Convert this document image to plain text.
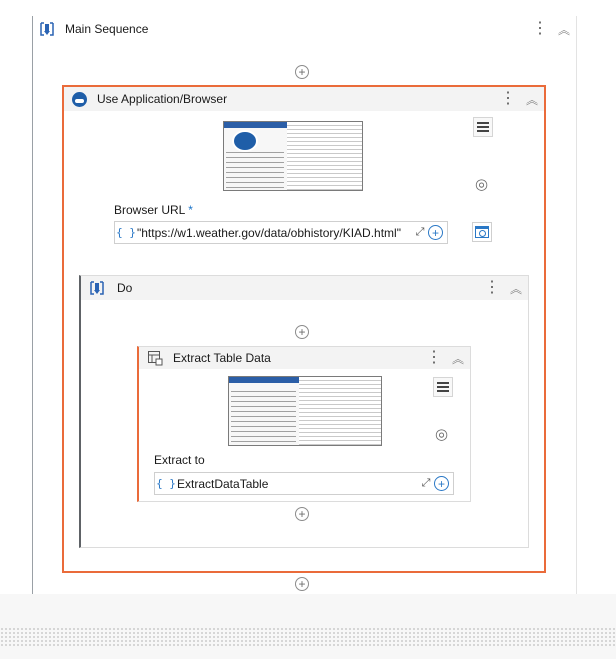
Main Sequence	⋮ ︽
+
Use Application/Browser	⋮ ︽
◎
Browser URL *
{ } "https://w1.weather.gov/data/obhistory/KIAD.html"	⤢ +
Do	⋮ ︽
+
Extract Table Data	⋮ ︽
◎
Extract to
{ } ExtractDataTable	⤢ +
+
+
